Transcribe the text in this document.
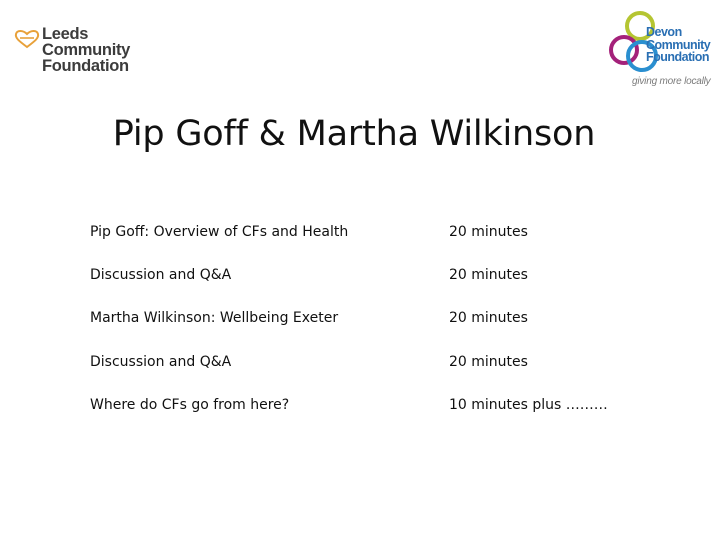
Leeds
Community
Foundation
Devon
Community
Foundation
giving more locally
Pip Goff & Martha Wilkinson
Pip Goff: Overview of CFs and Health	20 minutes
Discussion and Q&A	20 minutes
Martha Wilkinson: Wellbeing Exeter	20 minutes
Discussion and Q&A	20 minutes
Where do CFs go from here?	10 minutes plus ………
